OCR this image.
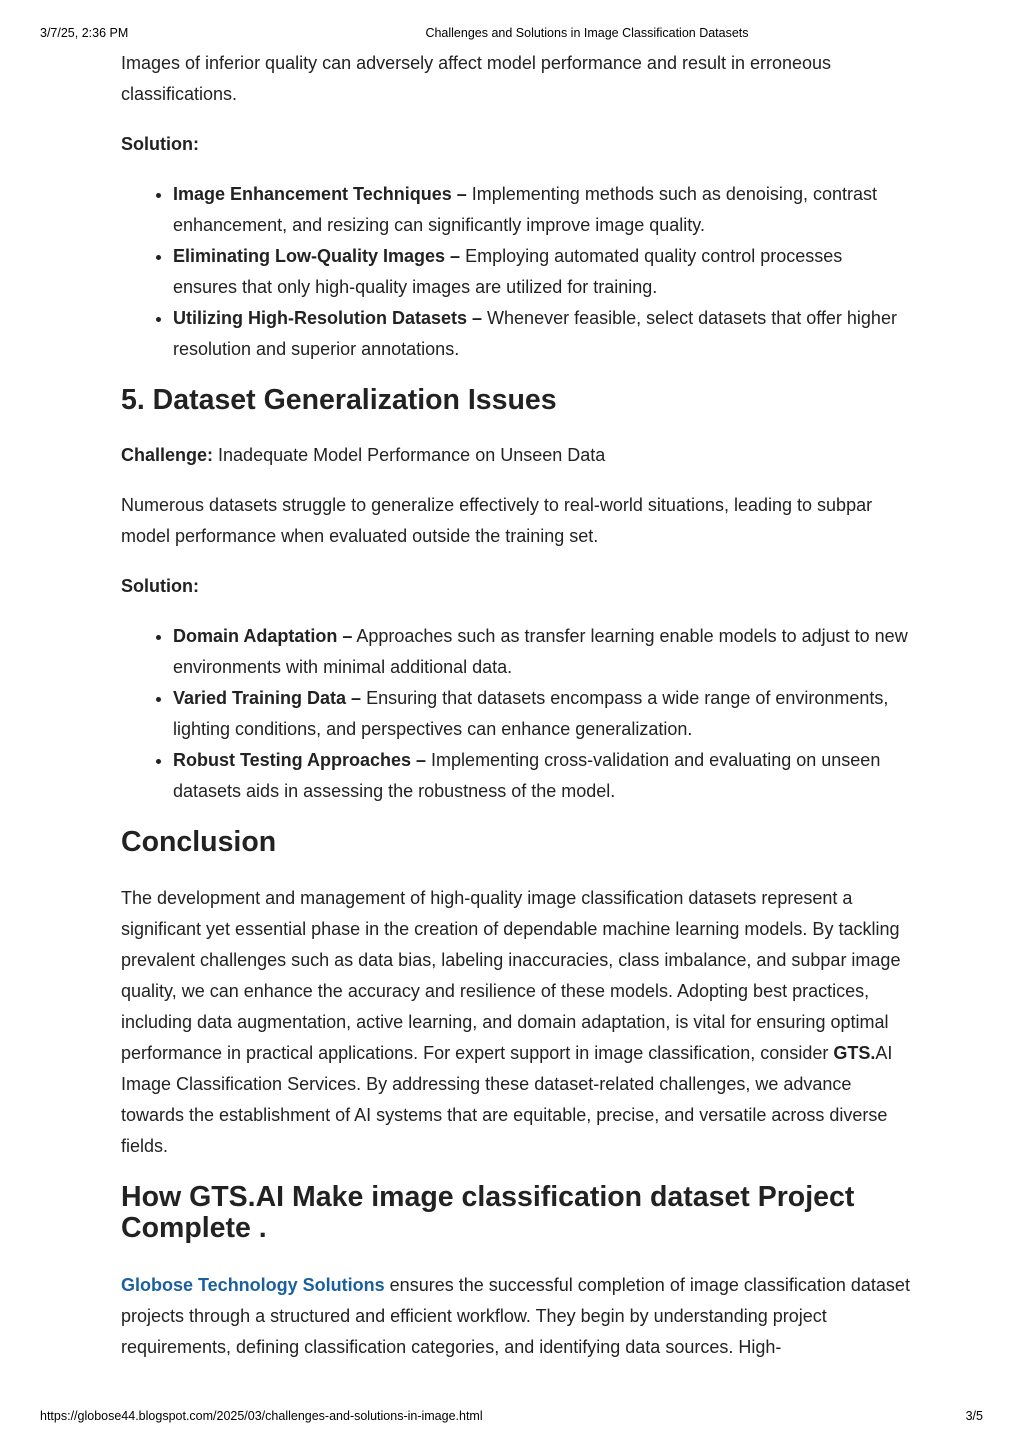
3/7/25, 2:36 PM	Challenges and Solutions in Image Classification Datasets

Images of inferior quality can adversely affect model performance and result in erroneous classifications.

Solution:

• Image Enhancement Techniques – Implementing methods such as denoising, contrast enhancement, and resizing can significantly improve image quality.
• Eliminating Low-Quality Images – Employing automated quality control processes ensures that only high-quality images are utilized for training.
• Utilizing High-Resolution Datasets – Whenever feasible, select datasets that offer higher resolution and superior annotations.
5. Dataset Generalization Issues

Challenge: Inadequate Model Performance on Unseen Data

Numerous datasets struggle to generalize effectively to real-world situations, leading to subpar model performance when evaluated outside the training set.

Solution:

• Domain Adaptation – Approaches such as transfer learning enable models to adjust to new environments with minimal additional data.
• Varied Training Data – Ensuring that datasets encompass a wide range of environments, lighting conditions, and perspectives can enhance generalization.
• Robust Testing Approaches – Implementing cross-validation and evaluating on unseen datasets aids in assessing the robustness of the model.
Conclusion

The development and management of high-quality image classification datasets represent a significant yet essential phase in the creation of dependable machine learning models. By tackling prevalent challenges such as data bias, labeling inaccuracies, class imbalance, and subpar image quality, we can enhance the accuracy and resilience of these models. Adopting best practices, including data augmentation, active learning, and domain adaptation, is vital for ensuring optimal performance in practical applications. For expert support in image classification, consider GTS.AI Image Classification Services. By addressing these dataset-related challenges, we advance towards the establishment of AI systems that are equitable, precise, and versatile across diverse fields.

How GTS.AI Make image classification dataset Project Complete .

Globose Technology Solutions ensures the successful completion of image classification dataset projects through a structured and efficient workflow. They begin by understanding project requirements, defining classification categories, and identifying data sources. High-

https://globose44.blogspot.com/2025/03/challenges-and-solutions-in-image.html	3/5
